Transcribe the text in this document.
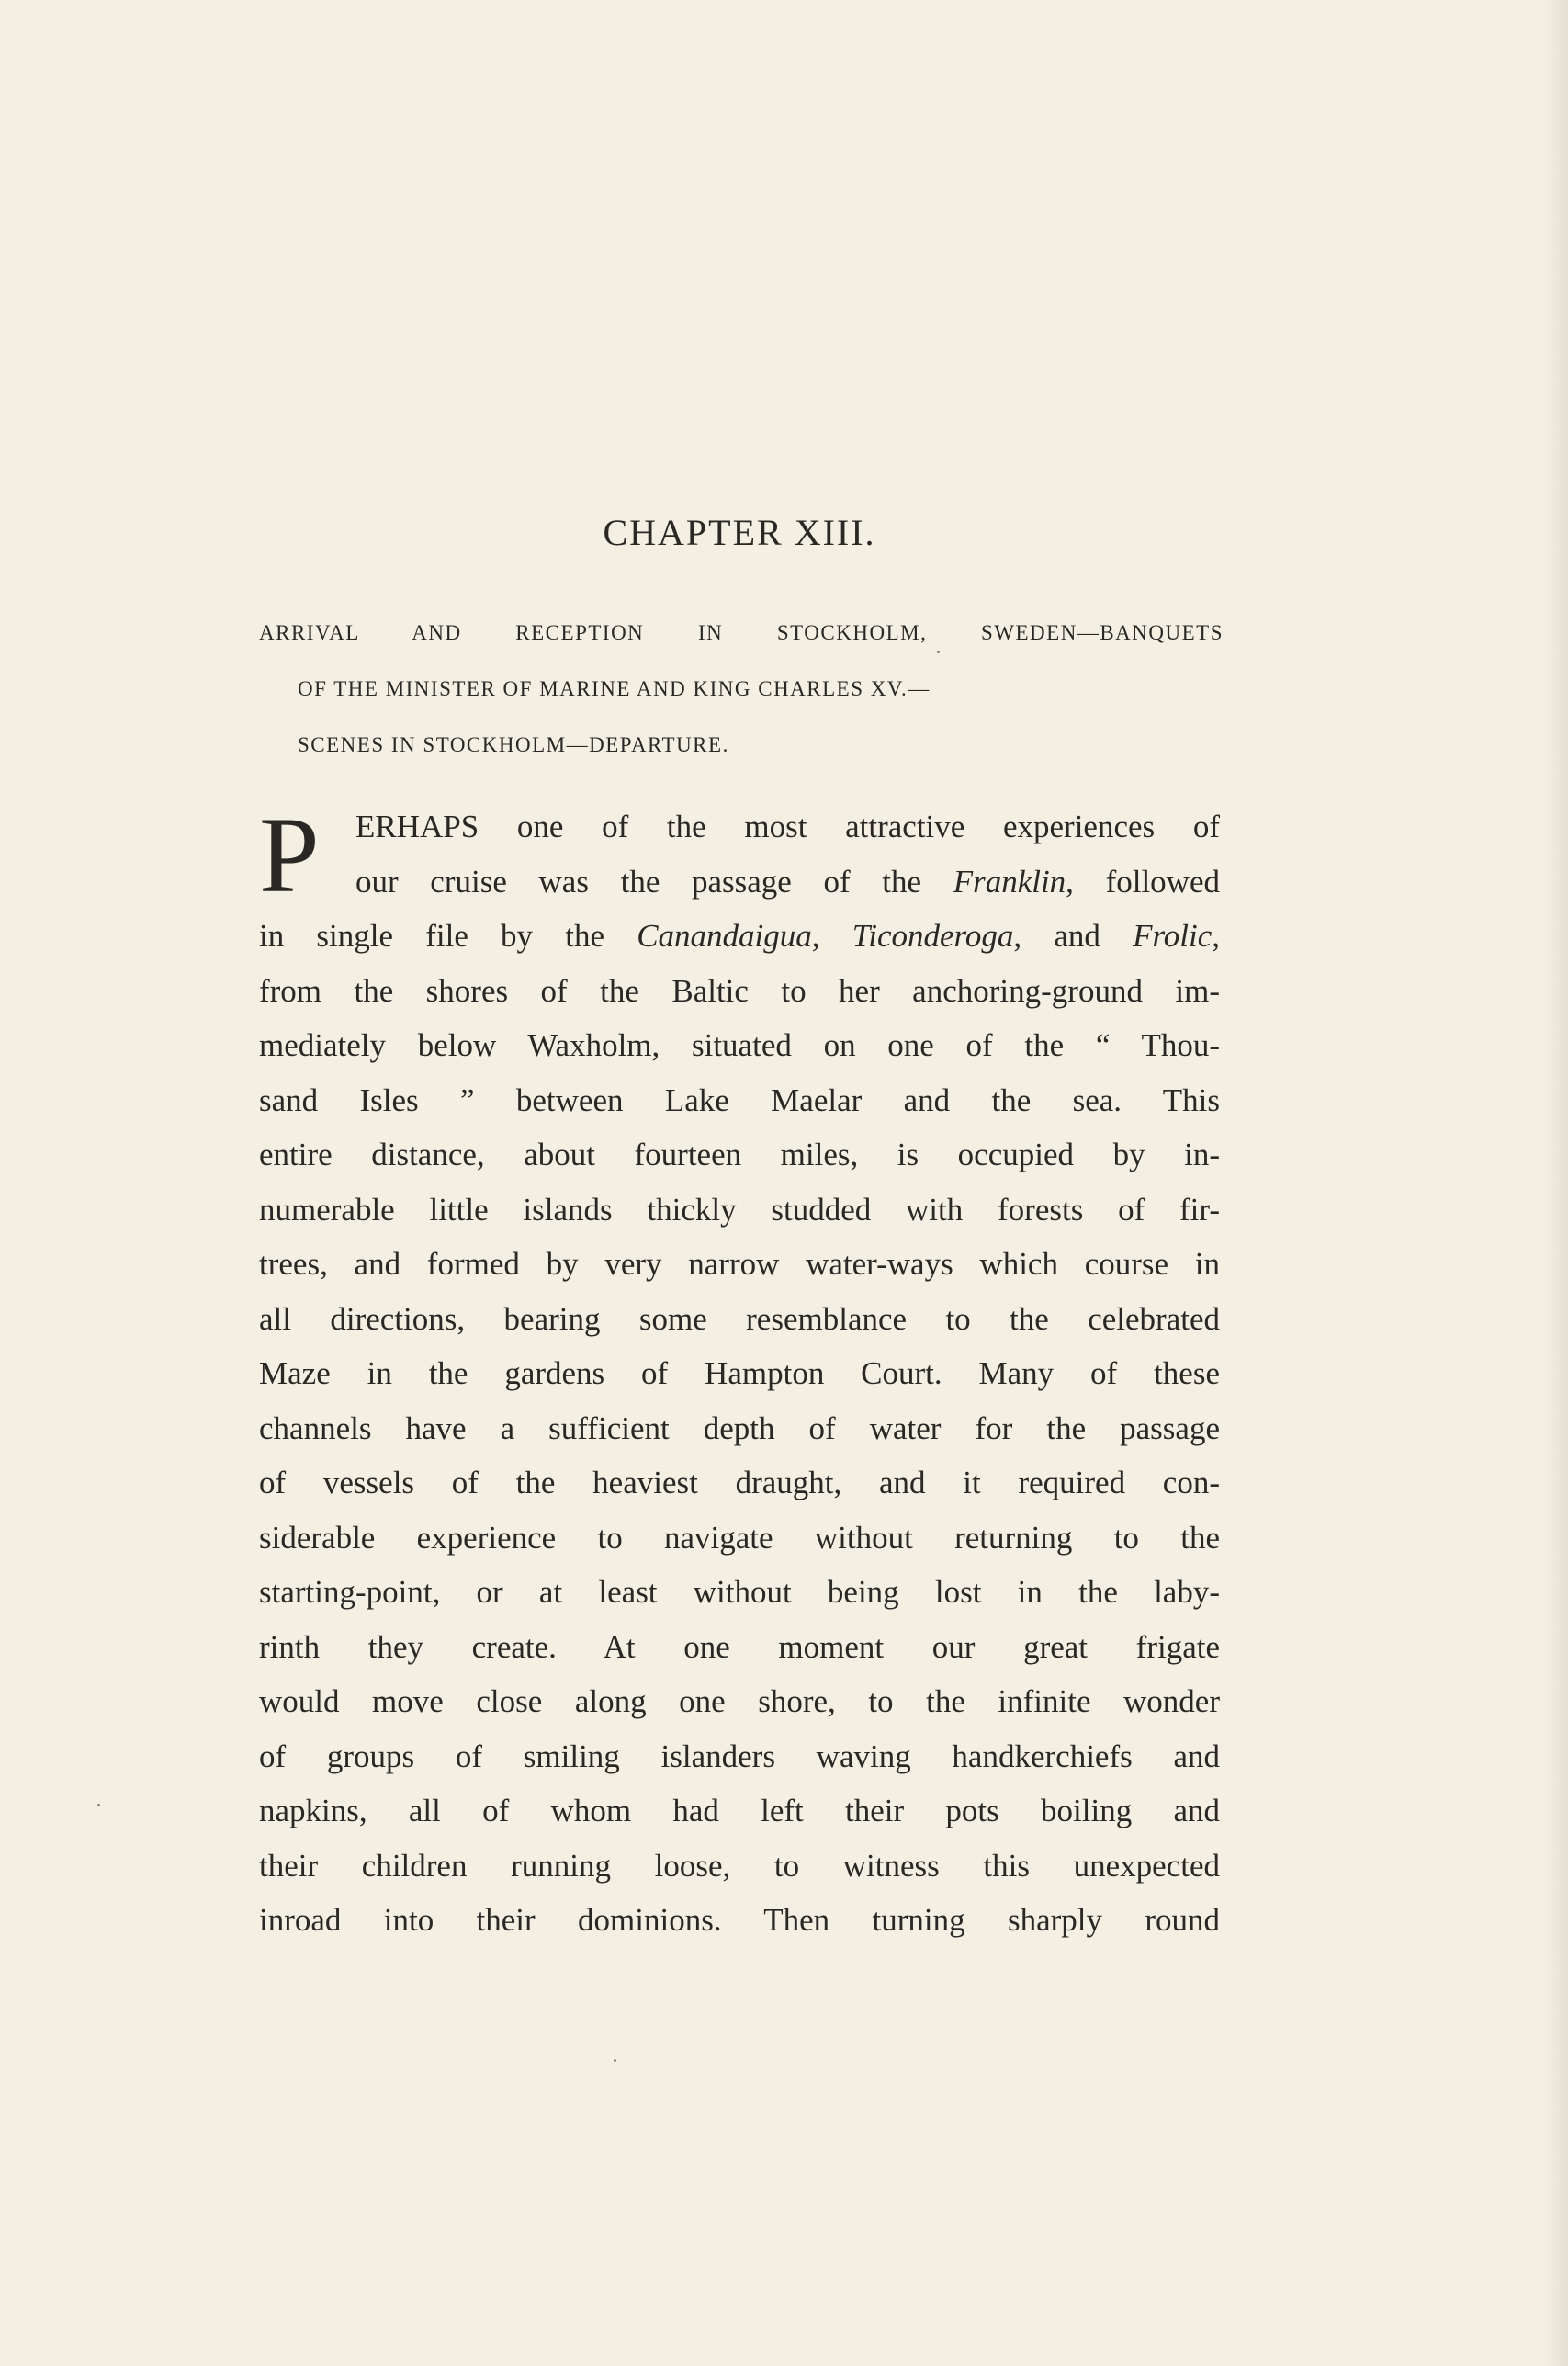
CHAPTER XIII.
ARRIVAL AND RECEPTION IN STOCKHOLM, SWEDEN—BANQUETS
OF THE MINISTER OF MARINE AND KING CHARLES XV.—
SCENES IN STOCKHOLM—DEPARTURE.
P	ERHAPS one of the most attractive experiences of
our cruise was the passage of the Franklin, followed
in single file by the Canandaigua, Ticonderoga, and Frolic,
from the shores of the Baltic to her anchoring-ground im-
mediately below Waxholm, situated on one of the “ Thou-
sand Isles ” between Lake Maelar and the sea. This
entire distance, about fourteen miles, is occupied by in-
numerable little islands thickly studded with forests of fir-
trees, and formed by very narrow water-ways which course in
all directions, bearing some resemblance to the celebrated
Maze in the gardens of Hampton Court. Many of these
channels have a sufficient depth of water for the passage
of vessels of the heaviest draught, and it required con-
siderable experience to navigate without returning to the
starting-point, or at least without being lost in the laby-
rinth they create. At one moment our great frigate
would move close along one shore, to the infinite wonder
of groups of smiling islanders waving handkerchiefs and
napkins, all of whom had left their pots boiling and
their children running loose, to witness this unexpected
inroad into their dominions. Then turning sharply round
